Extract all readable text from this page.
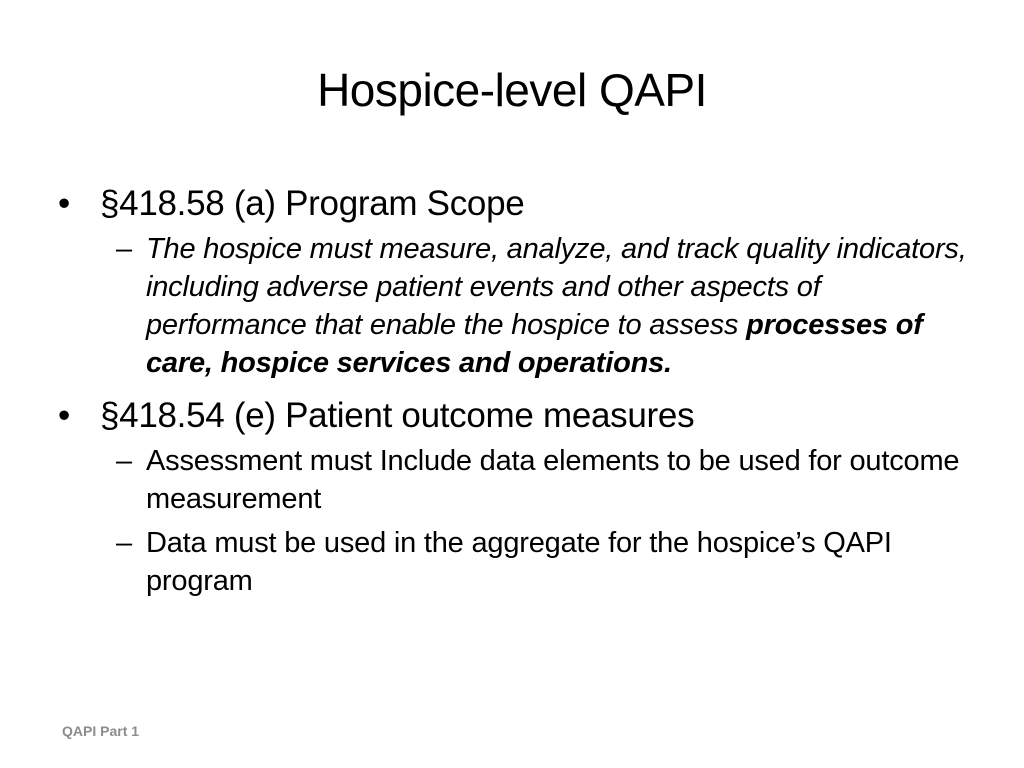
Hospice-level QAPI
• §418.58 (a) Program Scope
– The hospice must measure, analyze, and track quality indicators, including adverse patient events and other aspects of performance that enable the hospice to assess processes of care, hospice services and operations.
• §418.54 (e) Patient outcome measures
– Assessment must Include data elements to be used for outcome measurement
– Data must be used in the aggregate for the hospice’s QAPI program
QAPI Part 1
